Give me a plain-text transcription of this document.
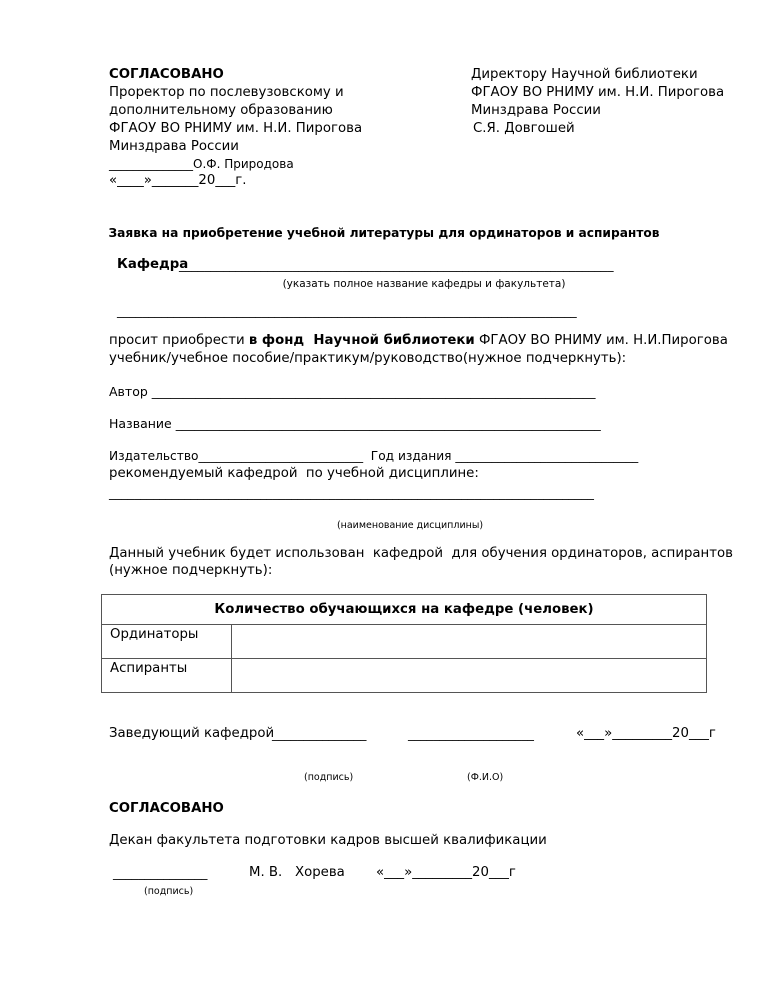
СОГЛАСОВАНО
Проректор по послевузовскому и
дополнительному образованию
ФГАОУ ВО РНИМУ им. Н.И. Пирогова
Минздрава России
______________О.Ф. Природова
«____»_______20___г.
Директору Научной библиотеки
ФГАОУ ВО РНИМУ им. Н.И. Пирогова
Минздрава России
С.Я. Довгошей
Заявка на приобретение учебной литературы для ординаторов и аспирантов
Кафедра
_____________________________________________________________________
(указать полное название кафедры и факультета)
_________________________________________________________________________
просит приобрести в фонд  Научной библиотеки ФГАОУ ВО РНИМУ им. Н.И.Пирогова
учебник/учебное пособие/практикум/руководство(нужное подчеркнуть):
Автор _______________________________________________________________________
Название ____________________________________________________________________
Издательство___________________________  Год издания ______________________________
рекомендуемый кафедрой  по учебной дисциплине:
_____________________________________________________________________________
(наименование дисциплины)
Данный учебник будет использован  кафедрой  для обучения ординаторов, аспирантов
(нужное подчеркнуть):
Количество обучающихся на кафедре (человек)	
Ординаторы	
Аспиранты	
Заведующий кафедрой
_______________	____________________	«___»_________20___г
(подпись)	(Ф.И.О)
СОГЛАСОВАНО
Декан факультета подготовки кадров высшей квалификации
_______________	М. В.   Хорева «___»_________20___г
(подпись)
